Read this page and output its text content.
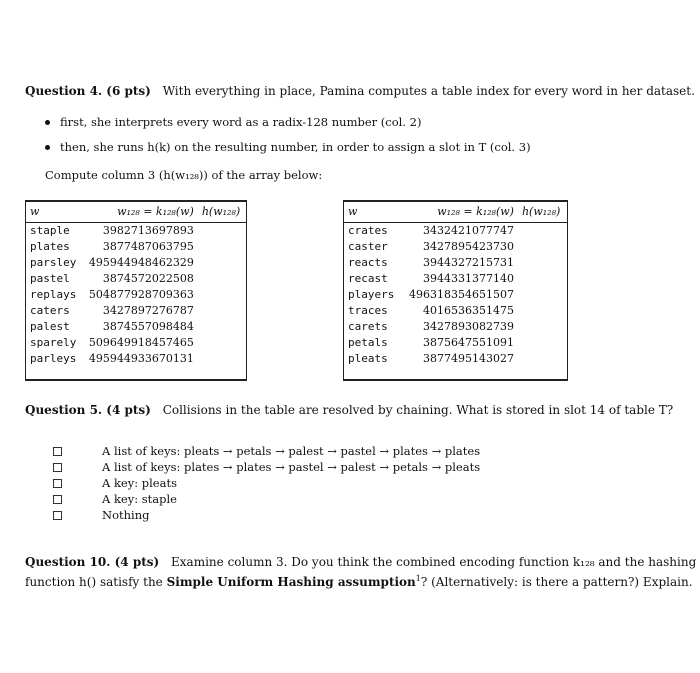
Question 4. (6 pts) With everything in place, Pamina computes a table index for every word in her dataset.
first, she interprets every word as a radix-128 number (col. 2)
then, she runs h(k) on the resulting number, in order to assign a slot in T (col. 3)
Compute column 3 (h(w₁₂₈)) of the array below:
w	w₁₂₈ = k₁₂₈(w)	h(w₁₂₈)
staple	3982713697893	
plates	3877487063795	
parsley	495944948462329	
pastel	3874572022508	
replays	504877928709363	
caters	3427897276787	
palest	3874557098484	
sparely	509649918457465	
parleys	495944933670131	
w	w₁₂₈ = k₁₂₈(w)	h(w₁₂₈)
crates	3432421077747	
caster	3427895423730	
reacts	3944327215731	
recast	3944331377140	
players	496318354651507	
traces	4016536351475	
carets	3427893082739	
petals	3875647551091	
pleats	3877495143027	
Question 5. (4 pts) Collisions in the table are resolved by chaining. What is stored in slot 14 of table T?
A list of keys: pleats → petals → palest → pastel → plates → plates
A list of keys: plates → plates → pastel → palest → petals → pleats
A key: pleats
A key: staple
Nothing
Question 10. (4 pts) Examine column 3. Do you think the combined encoding function k₁₂₈ and the hashing
function h() satisfy the Simple Uniform Hashing assumption$^1$? (Alternatively: is there a pattern?) Explain.
